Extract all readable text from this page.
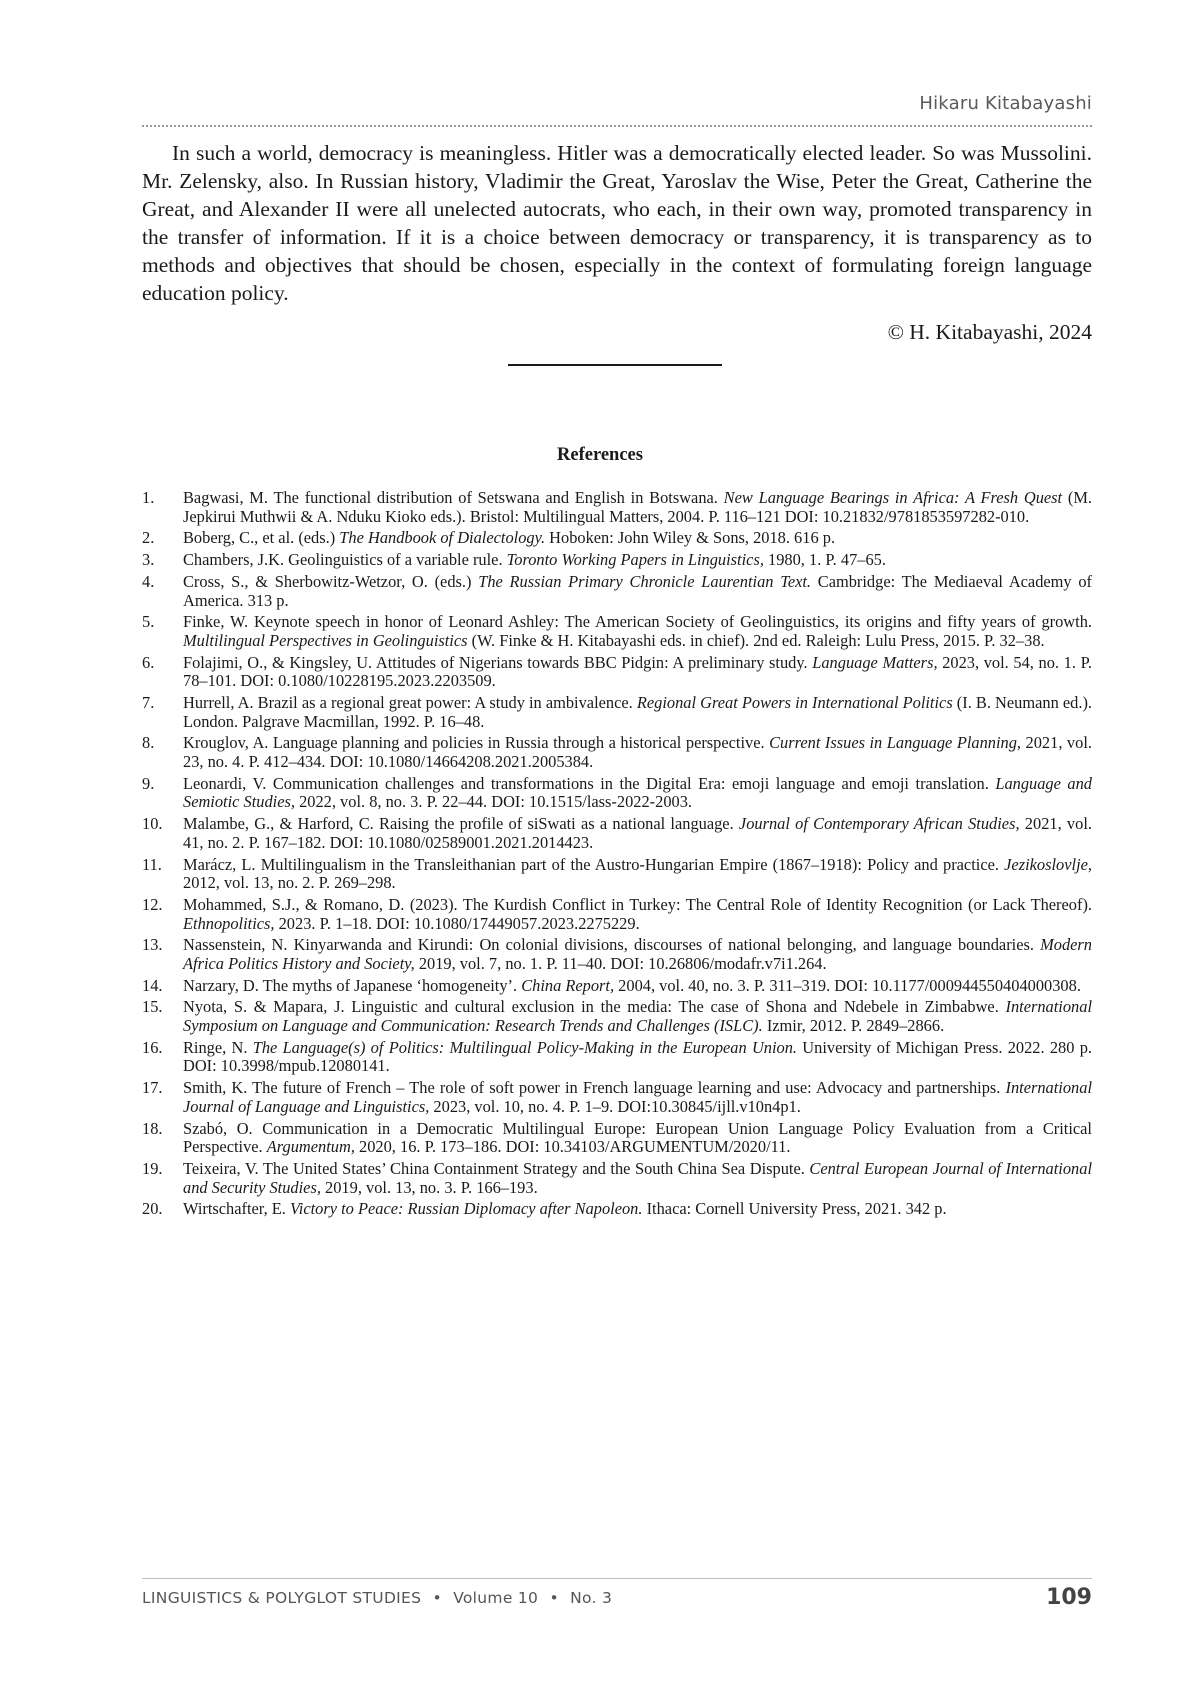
Hikaru Kitabayashi

In such a world, democracy is meaningless. Hitler was a democratically elected leader. So was Mussolini. Mr. Zelensky, also. In Russian history, Vladimir the Great, Yaroslav the Wise, Peter the Great, Catherine the Great, and Alexander II were all unelected autocrats, who each, in their own way, promoted transparency in the transfer of information. If it is a choice between democracy or transparency, it is transparency as to methods and objectives that should be chosen, especially in the context of formulating foreign language education policy.

© H. Kitabayashi, 2024
References
1.	Bagwasi, M. The functional distribution of Setswana and English in Botswana. New Language Bearings in Africa: A Fresh Quest (M. Jepkirui Muthwii & A. Nduku Kioko eds.). Bristol: Multilingual Matters, 2004. P. 116–121 DOI: 10.21832/9781853597282-010.
2.	Boberg, C., et al. (eds.) The Handbook of Dialectology. Hoboken: John Wiley & Sons, 2018. 616 p.
3.	Chambers, J.K. Geolinguistics of a variable rule. Toronto Working Papers in Linguistics, 1980, 1. P. 47–65.
4.	Cross, S., & Sherbowitz-Wetzor, O. (eds.) The Russian Primary Chronicle Laurentian Text. Cambridge: The Mediaeval Academy of America. 313 p.
5.	Finke, W. Keynote speech in honor of Leonard Ashley: The American Society of Geolinguistics, its origins and fifty years of growth. Multilingual Perspectives in Geolinguistics (W. Finke & H. Kitabayashi eds. in chief). 2nd ed. Raleigh: Lulu Press, 2015. P. 32–38.
6.	Folajimi, O., & Kingsley, U. Attitudes of Nigerians towards BBC Pidgin: A preliminary study. Language Matters, 2023, vol. 54, no. 1. P. 78–101. DOI: 0.1080/10228195.2023.2203509.
7.	Hurrell, A. Brazil as a regional great power: A study in ambivalence. Regional Great Powers in International Politics (I. B. Neumann ed.). London. Palgrave Macmillan, 1992. P. 16–48.
8.	Krouglov, A. Language planning and policies in Russia through a historical perspective. Current Issues in Language Planning, 2021, vol. 23, no. 4. P. 412–434. DOI: 10.1080/14664208.2021.2005384.
9.	Leonardi, V. Communication challenges and transformations in the Digital Era: emoji language and emoji translation. Language and Semiotic Studies, 2022, vol. 8, no. 3. P. 22–44. DOI: 10.1515/lass-2022-2003.
10.	Malambe, G., & Harford, C. Raising the profile of siSwati as a national language. Journal of Contemporary African Studies, 2021, vol. 41, no. 2. P. 167–182. DOI: 10.1080/02589001.2021.2014423.
11.	Marácz, L. Multilingualism in the Transleithanian part of the Austro-Hungarian Empire (1867–1918): Policy and practice. Jezikoslovlje, 2012, vol. 13, no. 2. P. 269–298.
12.	Mohammed, S.J., & Romano, D. (2023). The Kurdish Conflict in Turkey: The Central Role of Identity Recognition (or Lack Thereof). Ethnopolitics, 2023. P. 1–18. DOI: 10.1080/17449057.2023.2275229.
13.	Nassenstein, N. Kinyarwanda and Kirundi: On colonial divisions, discourses of national belonging, and language boundaries. Modern Africa Politics History and Society, 2019, vol. 7, no. 1. P. 11–40. DOI: 10.26806/modafr.v7i1.264.
14.	Narzary, D. The myths of Japanese ‘homogeneity’. China Report, 2004, vol. 40, no. 3. P. 311–319. DOI: 10.1177/000944550404000308.
15.	Nyota, S. & Mapara, J. Linguistic and cultural exclusion in the media: The case of Shona and Ndebele in Zimbabwe. International Symposium on Language and Communication: Research Trends and Challenges (ISLC). Izmir, 2012. P. 2849–2866.
16.	Ringe, N. The Language(s) of Politics: Multilingual Policy-Making in the European Union. University of Michigan Press. 2022. 280 p. DOI: 10.3998/mpub.12080141.
17.	Smith, K. The future of French – The role of soft power in French language learning and use: Advocacy and partnerships. International Journal of Language and Linguistics, 2023, vol. 10, no. 4. P. 1–9. DOI:10.30845/ijll.v10n4p1.
18.	Szabó, O. Communication in a Democratic Multilingual Europe: European Union Language Policy Evaluation from a Critical Perspective. Argumentum, 2020, 16. P. 173–186. DOI: 10.34103/ARGUMENTUM/2020/11.
19.	Teixeira, V. The United States’ China Containment Strategy and the South China Sea Dispute. Central European Journal of International and Security Studies, 2019, vol. 13, no. 3. P. 166–193.
20.	Wirtschafter, E. Victory to Peace: Russian Diplomacy after Napoleon. Ithaca: Cornell University Press, 2021. 342 p.
LINGUISTICS & POLYGLOT STUDIES • Volume 10 • No. 3	109
